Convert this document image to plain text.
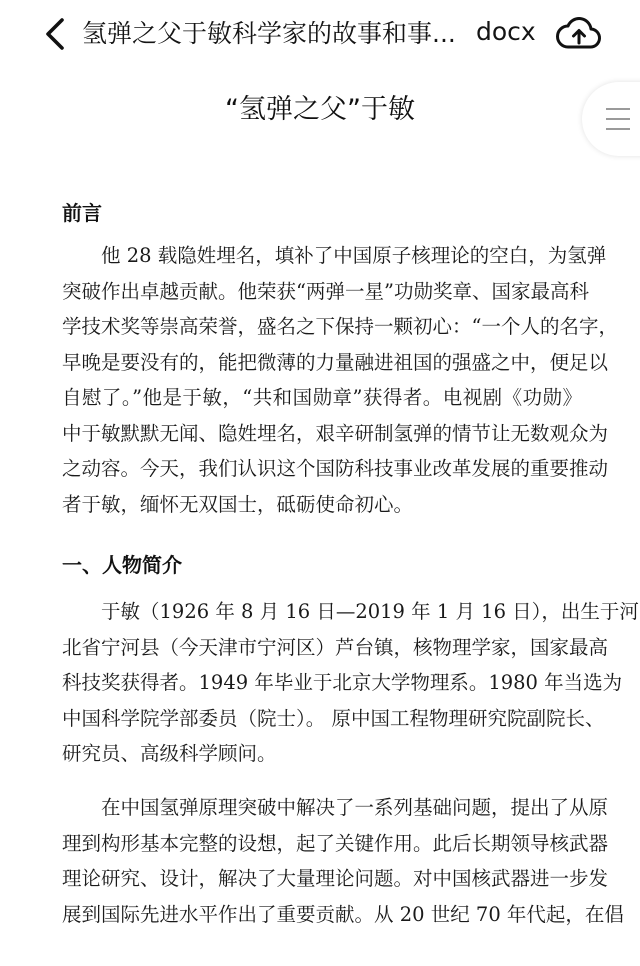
氢弹之父于敏科学家的故事和事... docx
“氢弹之父”于敏
前言
他 28 载隐姓埋名，填补了中国原子核理论的空白，为氢弹
突破作出卓越贡献。他荣获“两弹一星”功勋奖章、国家最高科
学技术奖等崇高荣誉，盛名之下保持一颗初心：“一个人的名字，
早晚是要没有的，能把微薄的力量融进祖国的强盛之中，便足以
自慰了。”他是于敏，“共和国勋章”获得者。电视剧《功勋》
中于敏默默无闻、隐姓埋名，艰辛研制氢弹的情节让无数观众为
之动容。今天，我们认识这个国防科技事业改革发展的重要推动
者于敏，缅怀无双国士，砥砺使命初心。
一、人物简介
于敏（1926 年 8 月 16 日—2019 年 1 月 16 日），出生于河
北省宁河县（今天津市宁河区）芦台镇，核物理学家，国家最高
科技奖获得者。1949 年毕业于北京大学物理系。1980 年当选为
中国科学院学部委员（院士）。 原中国工程物理研究院副院长、
研究员、高级科学顾问。
在中国氢弹原理突破中解决了一系列基础问题，提出了从原
理到构形基本完整的设想，起了关键作用。此后长期领导核武器
理论研究、设计，解决了大量理论问题。对中国核武器进一步发
展到国际先进水平作出了重要贡献。从 20 世纪 70 年代起，在倡
